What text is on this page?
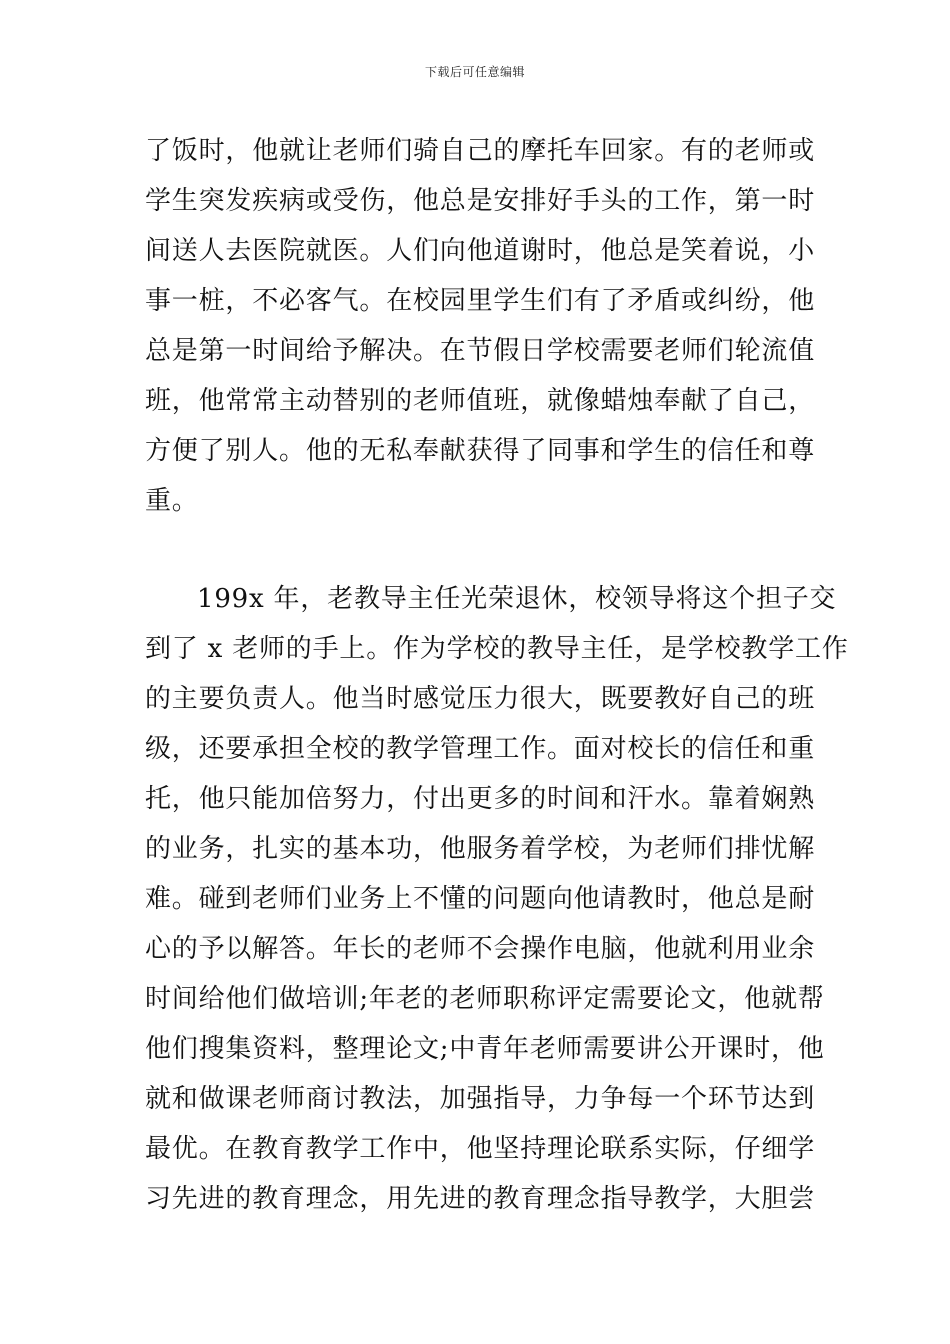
下载后可任意编辑
了饭时，他就让老师们骑自己的摩托车回家。有的老师或
学生突发疾病或受伤，他总是安排好手头的工作，第一时
间送人去医院就医。人们向他道谢时，他总是笑着说，小
事一桩，不必客气。在校园里学生们有了矛盾或纠纷，他
总是第一时间给予解决。在节假日学校需要老师们轮流值
班，他常常主动替别的老师值班，就像蜡烛奉献了自己，
方便了别人。他的无私奉献获得了同事和学生的信任和尊
重。
199x 年，老教导主任光荣退休，校领导将这个担子交
到了 x 老师的手上。作为学校的教导主任，是学校教学工作
的主要负责人。他当时感觉压力很大，既要教好自己的班
级，还要承担全校的教学管理工作。面对校长的信任和重
托，他只能加倍努力，付出更多的时间和汗水。靠着娴熟
的业务，扎实的基本功，他服务着学校，为老师们排忧解
难。碰到老师们业务上不懂的问题向他请教时，他总是耐
心的予以解答。年长的老师不会操作电脑，他就利用业余
时间给他们做培训;年老的老师职称评定需要论文，他就帮
他们搜集资料，整理论文;中青年老师需要讲公开课时，他
就和做课老师商讨教法，加强指导，力争每一个环节达到
最优。在教育教学工作中，他坚持理论联系实际，仔细学
习先进的教育理念，用先进的教育理念指导教学，大胆尝
